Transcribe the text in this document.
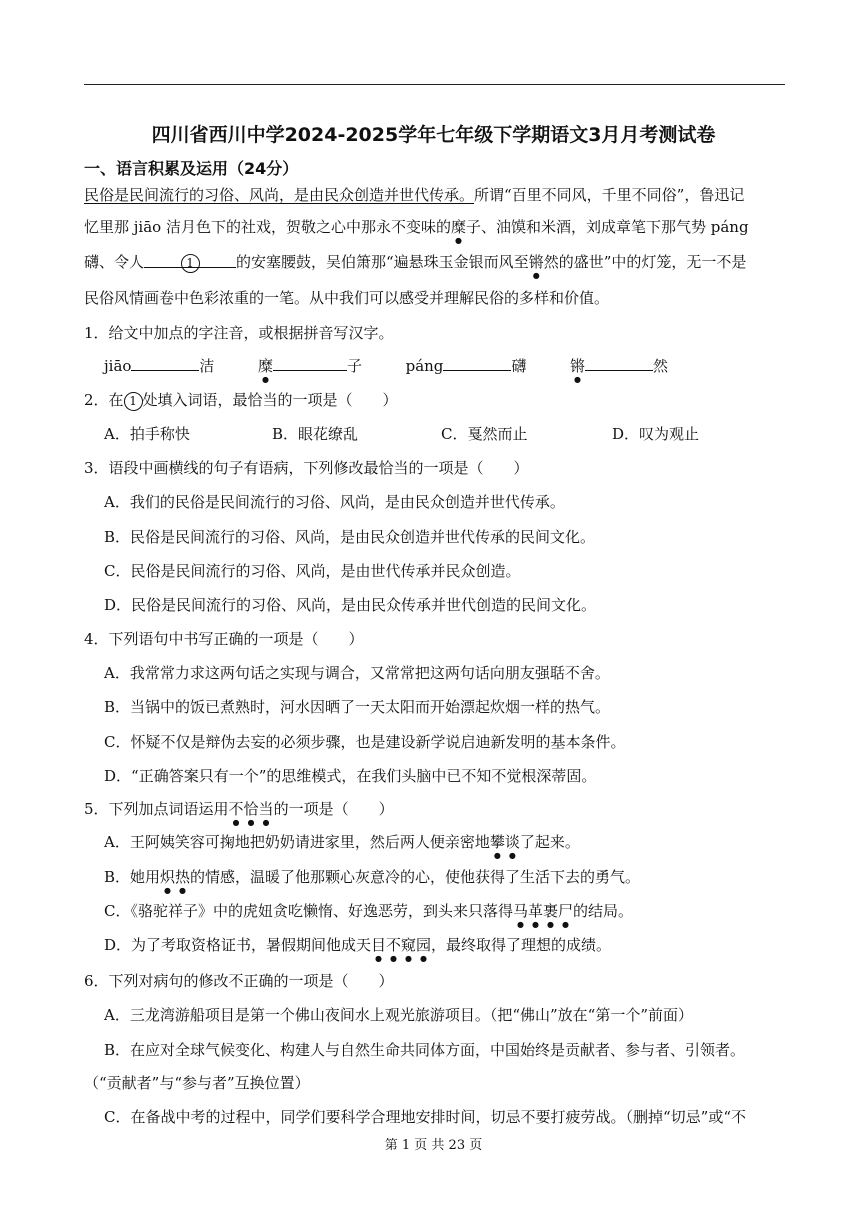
四川省西川中学2024-2025学年七年级下学期语文3月月考测试卷
一、语言积累及运用（24分）
民俗是民间流行的习俗、风尚，是由民众创造并世代传承。所谓“百里不同风，千里不同俗”，鲁迅记
忆里那 jiāo 洁月色下的社戏，贺敬之心中那永不变味的糜子、油馍和米酒，刘成章笔下那气势 páng
礴、令人	1	的安塞腰鼓，吴伯箫那“遍悬珠玉金银而风至锵然的盛世”中的灯笼，无一不是
民俗风情画卷中色彩浓重的一笔。从中我们可以感受并理解民俗的多样和价值。
1．给文中加点的字注音，或根据拼音写汉字。
jiāo	洁	糜	子	páng	礴	锵	然
2．在 1 处填入词语，最恰当的一项是（　　）
A．拍手称快	B．眼花缭乱	C．戛然而止	D．叹为观止
3．语段中画横线的句子有语病，下列修改最恰当的一项是（　　）
A．我们的民俗是民间流行的习俗、风尚，是由民众创造并世代传承。
B．民俗是民间流行的习俗、风尚，是由民众创造并世代传承的民间文化。
C．民俗是民间流行的习俗、风尚，是由世代传承并民众创造。
D．民俗是民间流行的习俗、风尚，是由民众传承并世代创造的民间文化。
4．下列语句中书写正确的一项是（　　）
A．我常常力求这两句话之实现与调合，又常常把这两句话向朋友强聒不舍。
B．当锅中的饭已煮熟时，河水因晒了一天太阳而开始漂起炊烟一样的热气。
C．怀疑不仅是辩伪去妄的必须步骤，也是建设新学说启迪新发明的基本条件。
D．“正确答案只有一个”的思维模式，在我们头脑中已不知不觉根深蒂固。
5．下列加点词语运用不恰当的一项是（　　）
A．王阿姨笑容可掬地把奶奶请进家里，然后两人便亲密地攀谈了起来。
B．她用炽热的情感，温暖了他那颗心灰意冷的心，使他获得了生活下去的勇气。
C．《骆驼祥子》中的虎妞贪吃懒惰、好逸恶劳，到头来只落得马革裹尸的结局。
D．为了考取资格证书，暑假期间他成天目不窥园，最终取得了理想的成绩。
6．下列对病句的修改不正确的一项是（　　）
A．三龙湾游船项目是第一个佛山夜间水上观光旅游项目。（把“佛山”放在“第一个”前面）
B．在应对全球气候变化、构建人与自然生命共同体方面，中国始终是贡献者、参与者、引领者。
（“贡献者”与“参与者”互换位置）
C．在备战中考的过程中，同学们要科学合理地安排时间，切忌不要打疲劳战。（删掉“切忌”或“不
第 1 页 共 23 页
